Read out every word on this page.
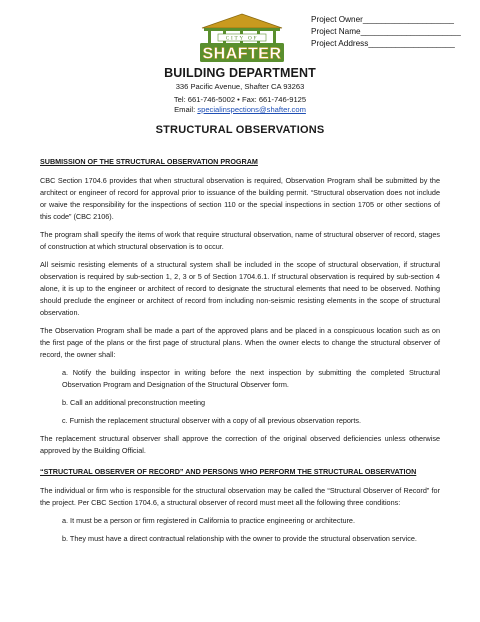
CITY OF
SHAFTER
Project Owner____________________
Project Name______________________
Project Address___________________
BUILDING DEPARTMENT
336 Pacific Avenue, Shafter CA 93263
Tel: 661-746-5002 • Fax: 661-746-9125
Email: specialinspections@shafter.com
STRUCTURAL OBSERVATIONS
SUBMISSION OF THE STRUCTURAL OBSERVATION PROGRAM

CBC Section 1704.6 provides that when structural observation is required, Observation Program shall be submitted by the architect or engineer of record for approval prior to issuance of the building permit. “Structural observation does not include or waive the responsibility for the inspections of section 110 or the special inspections in section 1705 or other sections of this code” (CBC 2106).

The program shall specify the items of work that require structural observation, name of structural observer of record, stages of construction at which structural observation is to occur.

All seismic resisting elements of a structural system shall be included in the scope of structural observation, if structural observation is required by sub-section 1, 2, 3 or 5 of Section 1704.6.1. If structural observation is required by sub-section 4 alone, it is up to the engineer or architect of record to designate the structural elements that need to be observed. Nothing should preclude the engineer or architect of record from including non-seismic resisting elements in the scope of structural observation.

The Observation Program shall be made a part of the approved plans and be placed in a conspicuous location such as on the first page of the plans or the first page of structural plans. When the owner elects to change the structural observer of record, the owner shall:

a. Notify the building inspector in writing before the next inspection by submitting the completed Structural Observation Program and Designation of the Structural Observer form.

b. Call an additional preconstruction meeting

c. Furnish the replacement structural observer with a copy of all previous observation reports.

The replacement structural observer shall approve the correction of the original observed deficiencies unless otherwise approved by the Building Official.

“STRUCTURAL OBSERVER OF RECORD” AND PERSONS WHO PERFORM THE STRUCTURAL OBSERVATION

The individual or firm who is responsible for the structural observation may be called the “Structural Observer of Record” for the project. Per CBC Section 1704.6, a structural observer of record must meet all the following three conditions:

a. It must be a person or firm registered in California to practice engineering or architecture.

b. They must have a direct contractual relationship with the owner to provide the structural observation service.
